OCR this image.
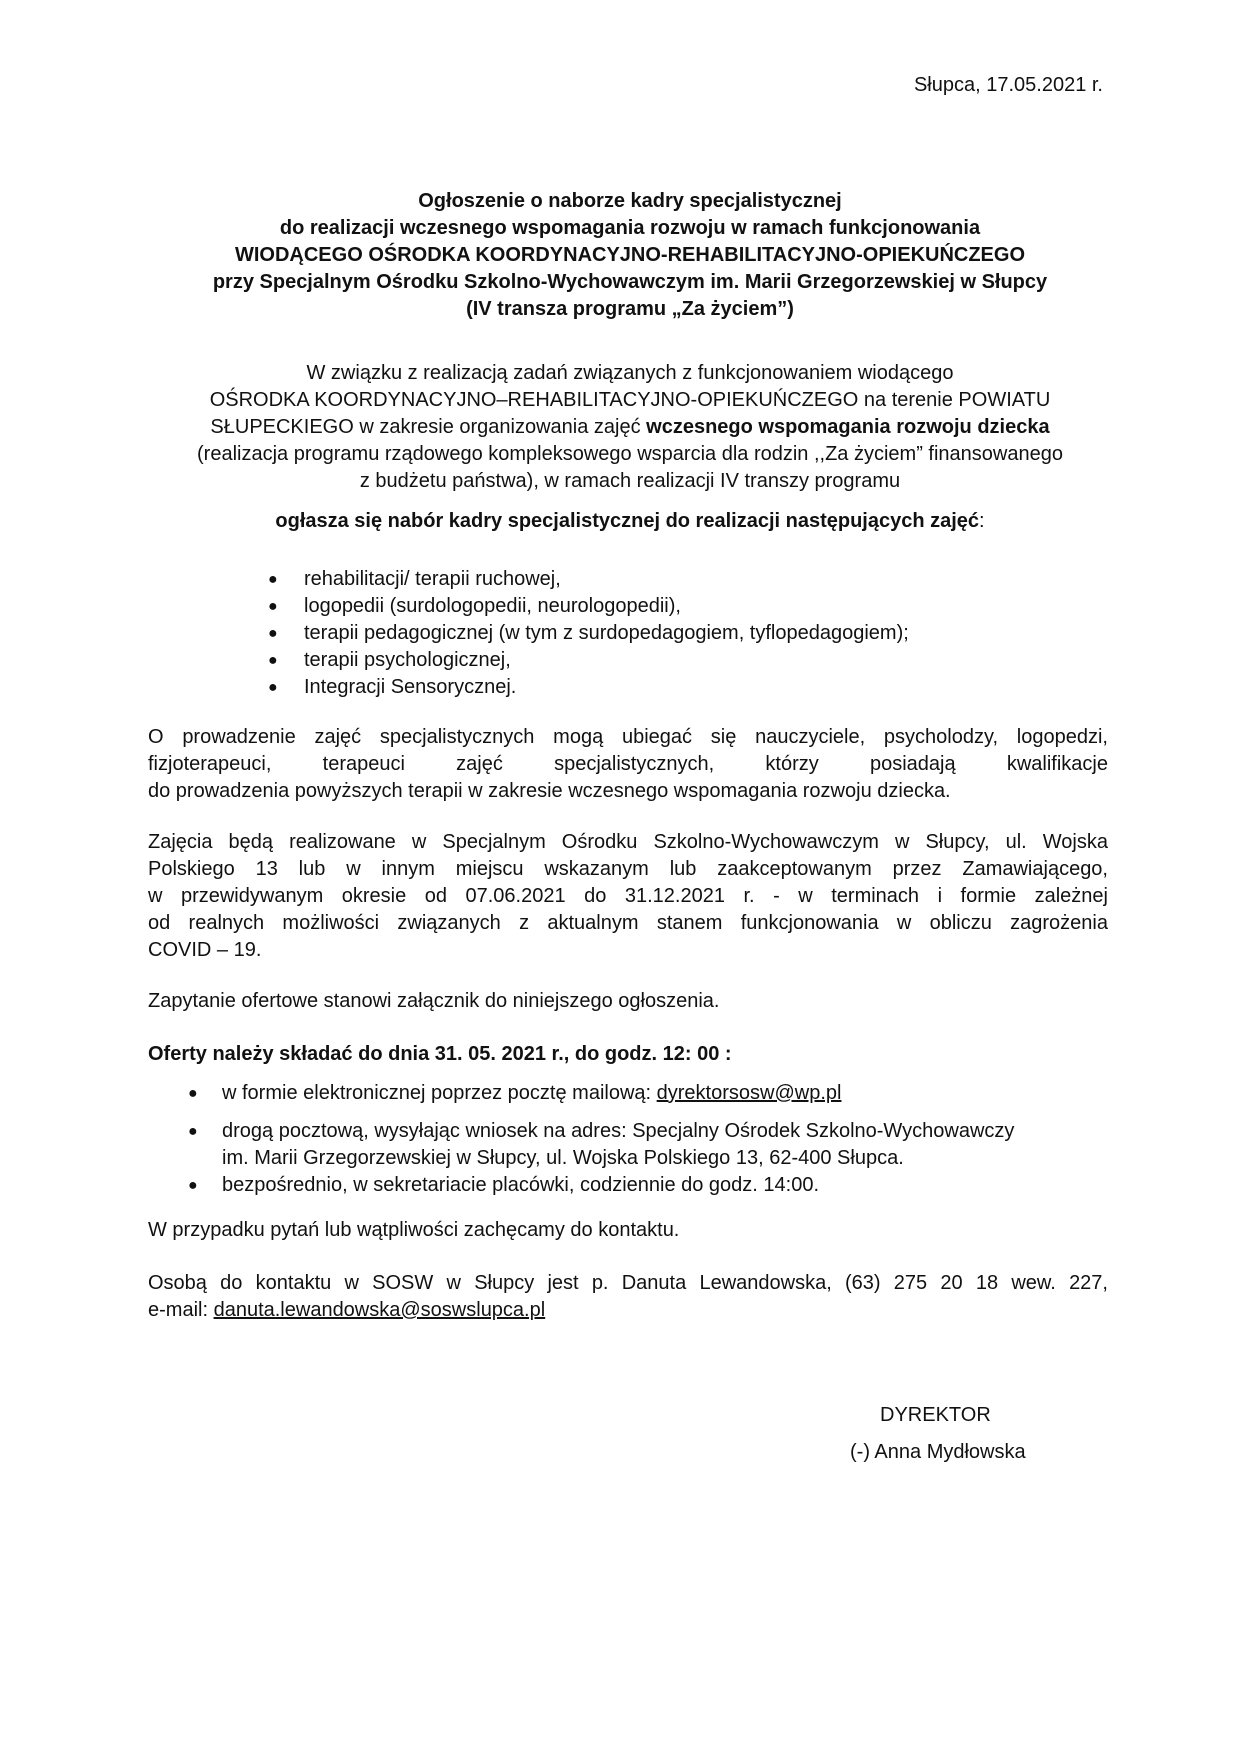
Słupca, 17.05.2021 r.
Ogłoszenie o naborze kadry specjalistycznej
do realizacji wczesnego wspomagania rozwoju w ramach funkcjonowania
WIODĄCEGO OŚRODKA KOORDYNACYJNO-REHABILITACYJNO-OPIEKUŃCZEGO
przy Specjalnym Ośrodku Szkolno-Wychowawczym im. Marii Grzegorzewskiej w Słupcy
(IV transza programu „Za życiem”)
W związku z realizacją zadań związanych z funkcjonowaniem wiodącego
OŚRODKA KOORDYNACYJNO–REHABILITACYJNO-OPIEKUŃCZEGO na terenie POWIATU
SŁUPECKIEGO w zakresie organizowania zajęć wczesnego wspomagania rozwoju dziecka
(realizacja programu rządowego kompleksowego wsparcia dla rodzin ,,Za życiem” finansowanego
z budżetu państwa), w ramach realizacji IV transzy programu
ogłasza się nabór kadry specjalistycznej do realizacji następujących zajęć:
● rehabilitacji/ terapii ruchowej,
● logopedii (surdologopedii, neurologopedii),
● terapii pedagogicznej (w tym z surdopedagogiem, tyflopedagogiem);
● terapii psychologicznej,
● Integracji Sensorycznej.
O prowadzenie zajęć specjalistycznych mogą ubiegać się nauczyciele, psycholodzy, logopedzi,
fizjoterapeuci, terapeuci zajęć specjalistycznych, którzy posiadają kwalifikacje
do prowadzenia powyższych terapii w zakresie wczesnego wspomagania rozwoju dziecka.
Zajęcia będą realizowane w Specjalnym Ośrodku Szkolno-Wychowawczym w Słupcy, ul. Wojska
Polskiego 13 lub w innym miejscu wskazanym lub zaakceptowanym przez Zamawiającego,
w przewidywanym okresie od 07.06.2021 do 31.12.2021 r. - w terminach i formie zależnej
od realnych możliwości związanych z aktualnym stanem funkcjonowania w obliczu zagrożenia
COVID – 19.
Zapytanie ofertowe stanowi załącznik do niniejszego ogłoszenia.
Oferty należy składać do dnia 31. 05. 2021 r., do godz. 12: 00 :
● w formie elektronicznej poprzez pocztę mailową: dyrektorsosw@wp.pl
● drogą pocztową, wysyłając wniosek na adres: Specjalny Ośrodek Szkolno-Wychowawczy
im. Marii Grzegorzewskiej w Słupcy, ul. Wojska Polskiego 13, 62-400 Słupca.
● bezpośrednio, w sekretariacie placówki, codziennie do godz. 14:00.
W przypadku pytań lub wątpliwości zachęcamy do kontaktu.
Osobą do kontaktu w SOSW w Słupcy jest p. Danuta Lewandowska, (63) 275 20 18 wew. 227,
e-mail: danuta.lewandowska@soswslupca.pl
DYREKTOR
(-) Anna Mydłowska
